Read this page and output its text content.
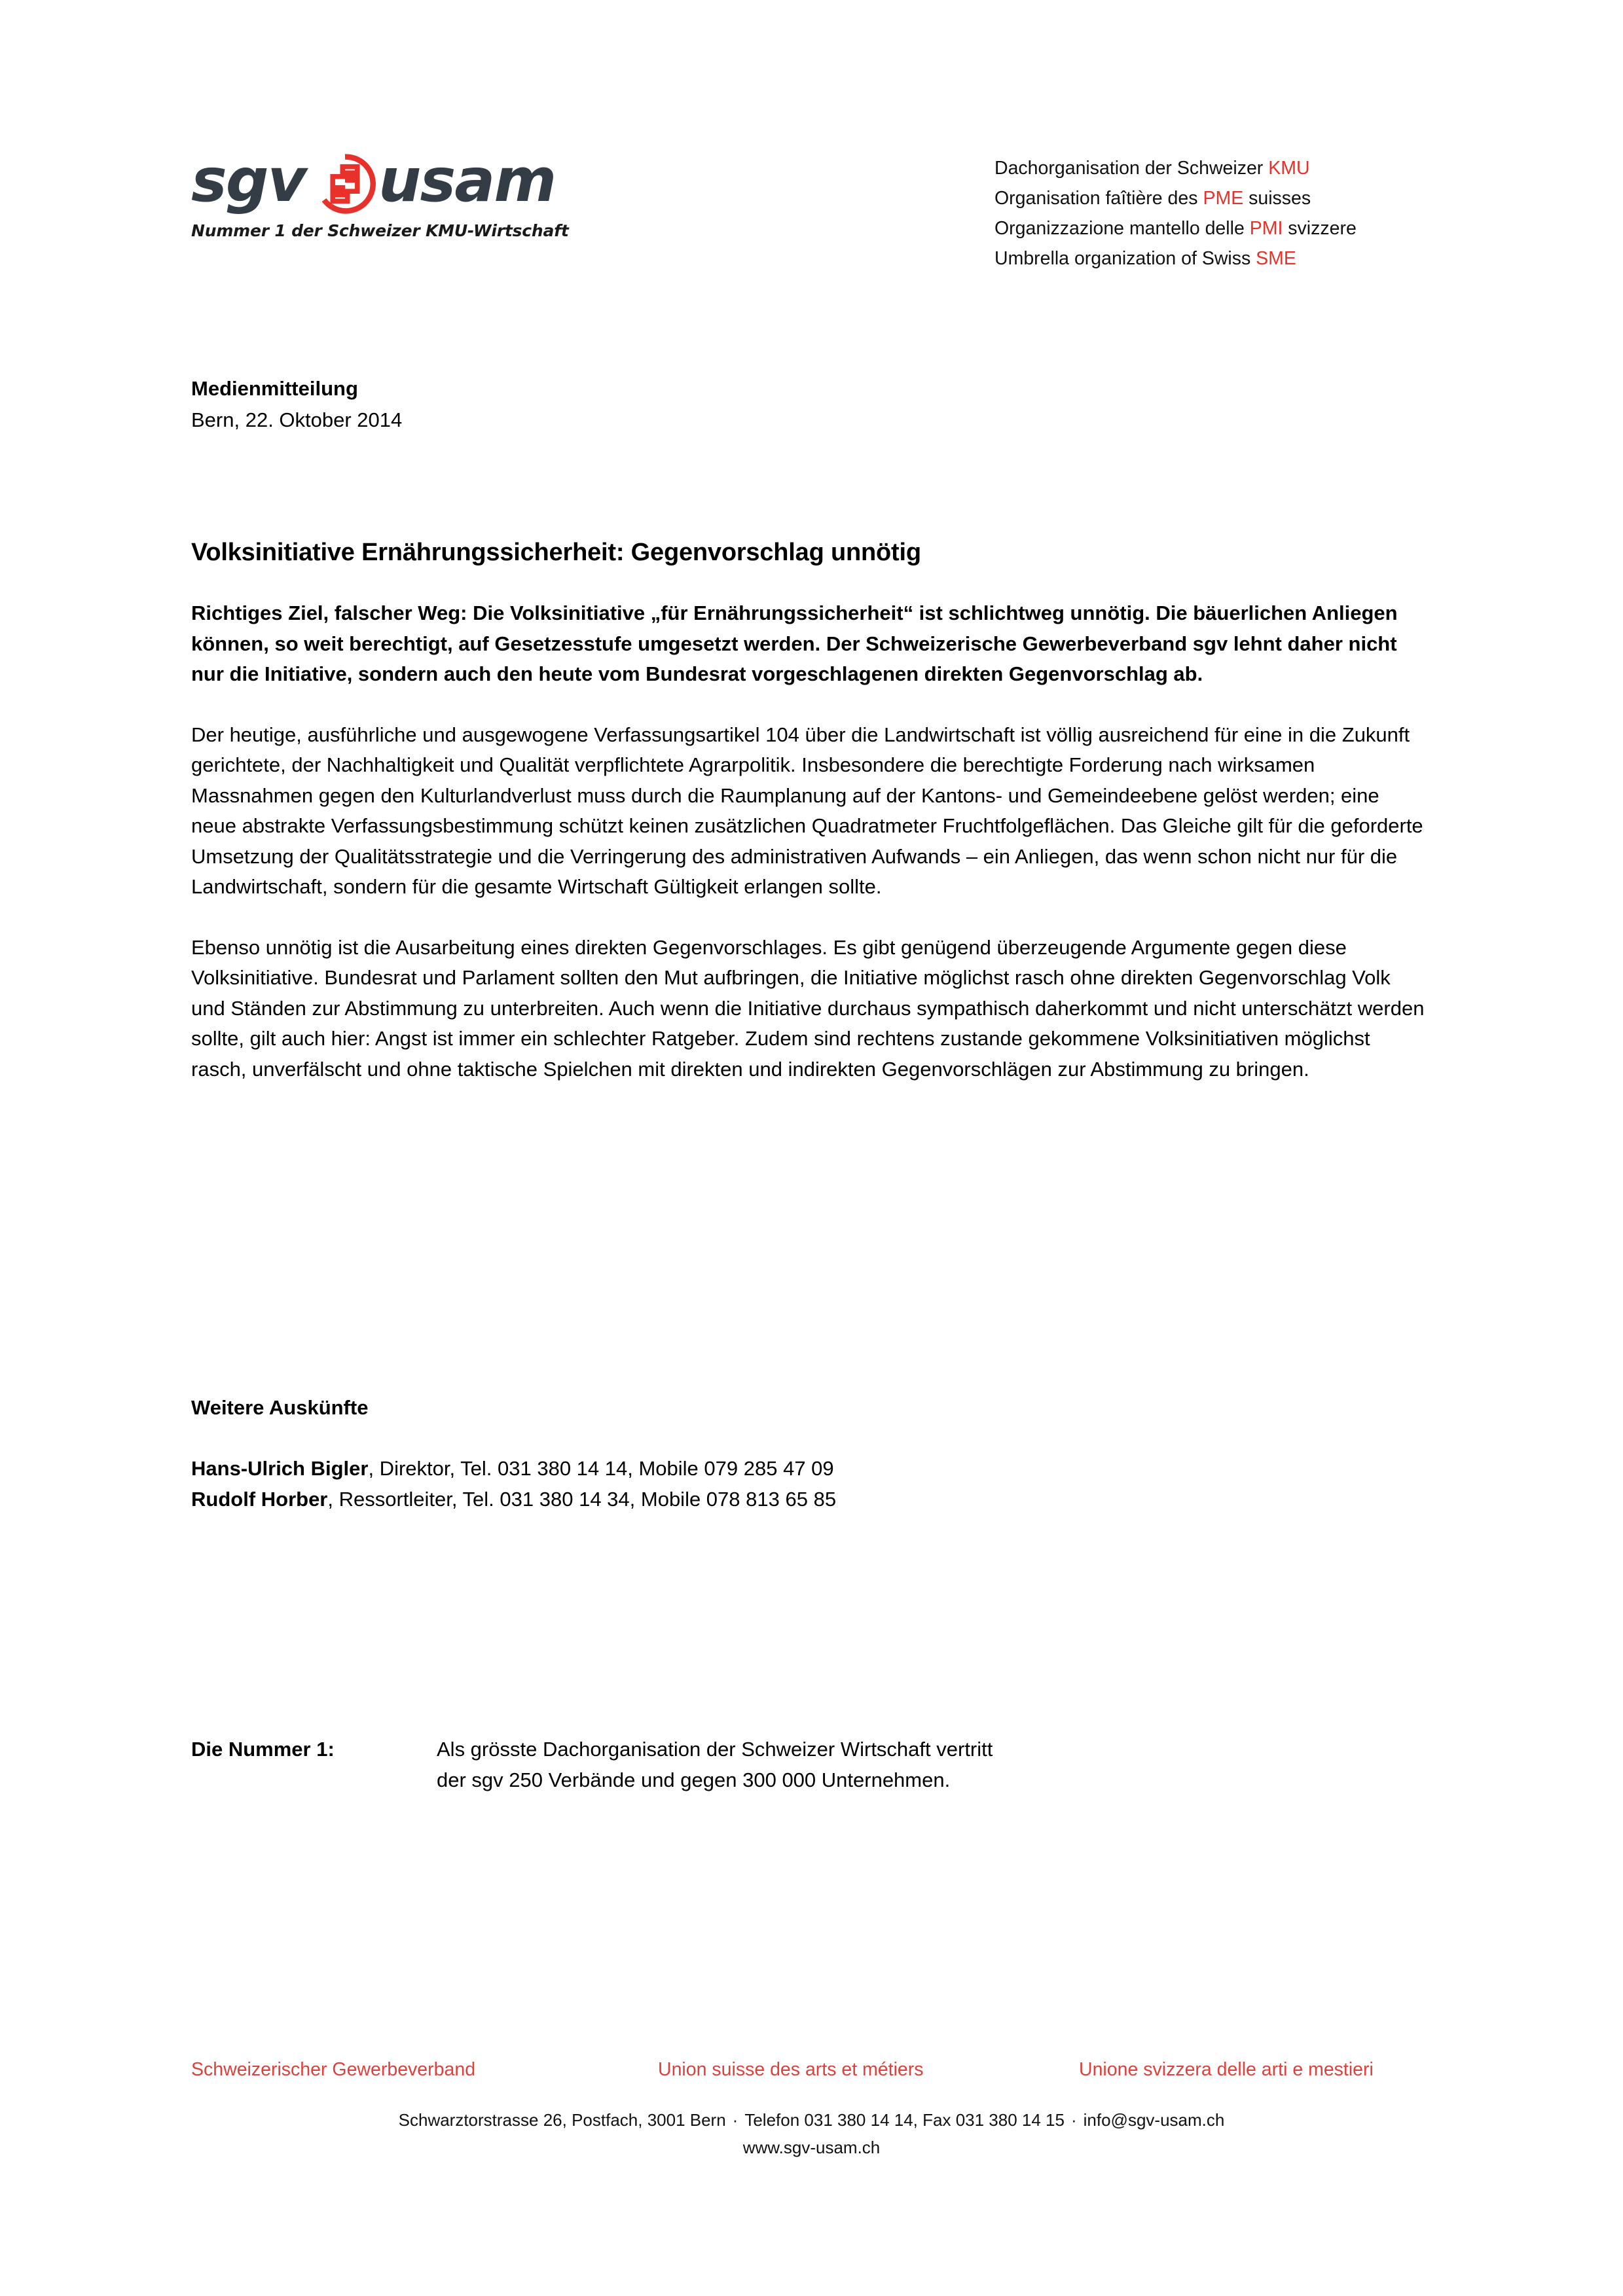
sgv usam
Nummer 1 der Schweizer KMU-Wirtschaft
Dachorganisation der Schweizer KMU
Organisation faîtière des PME suisses
Organizzazione mantello delle PMI svizzere
Umbrella organization of Swiss SME
Medienmitteilung
Bern, 22. Oktober 2014
Volksinitiative Ernährungssicherheit: Gegenvorschlag unnötig

Richtiges Ziel, falscher Weg: Die Volksinitiative „für Ernährungssicherheit“ ist schlichtweg unnötig. Die bäuerlichen Anliegen können, so weit berechtigt, auf Gesetzesstufe umgesetzt werden. Der Schweizerische Gewerbeverband sgv lehnt daher nicht nur die Initiative, sondern auch den heute vom Bundesrat vorgeschlagenen direkten Gegenvorschlag ab.

Der heutige, ausführliche und ausgewogene Verfassungsartikel 104 über die Landwirtschaft ist völlig ausreichend für eine in die Zukunft gerichtete, der Nachhaltigkeit und Qualität verpflichtete Agrarpolitik. Insbesondere die berechtigte Forderung nach wirksamen Massnahmen gegen den Kulturlandverlust muss durch die Raumplanung auf der Kantons- und Gemeindeebene gelöst werden; eine neue abstrakte Verfassungsbestimmung schützt keinen zusätzlichen Quadratmeter Fruchtfolgeflächen. Das Gleiche gilt für die geforderte Umsetzung der Qualitätsstrategie und die Verringerung des administrativen Aufwands – ein Anliegen, das wenn schon nicht nur für die Landwirtschaft, sondern für die gesamte Wirtschaft Gültigkeit erlangen sollte.

Ebenso unnötig ist die Ausarbeitung eines direkten Gegenvorschlages. Es gibt genügend überzeugende Argumente gegen diese Volksinitiative. Bundesrat und Parlament sollten den Mut aufbringen, die Initiative möglichst rasch ohne direkten Gegenvorschlag Volk und Ständen zur Abstimmung zu unterbreiten. Auch wenn die Initiative durchaus sympathisch daherkommt und nicht unterschätzt werden sollte, gilt auch hier: Angst ist immer ein schlechter Ratgeber. Zudem sind rechtens zustande gekommene Volksinitiativen möglichst rasch, unverfälscht und ohne taktische Spielchen mit direkten und indirekten Gegenvorschlägen zur Abstimmung zu bringen.

Weitere Auskünfte
Hans-Ulrich Bigler, Direktor, Tel. 031 380 14 14, Mobile 079 285 47 09
Rudolf Horber, Ressortleiter, Tel. 031 380 14 34, Mobile 078 813 65 85
Die Nummer 1:	Als grösste Dachorganisation der Schweizer Wirtschaft vertritt
der sgv 250 Verbände und gegen 300 000 Unternehmen.
Schweizerischer Gewerbeverband	Union suisse des arts et métiers	Unione svizzera delle arti e mestieri
Schwarztorstrasse 26, Postfach, 3001 Bern · Telefon 031 380 14 14, Fax 031 380 14 15 · info@sgv-usam.ch
www.sgv-usam.ch
